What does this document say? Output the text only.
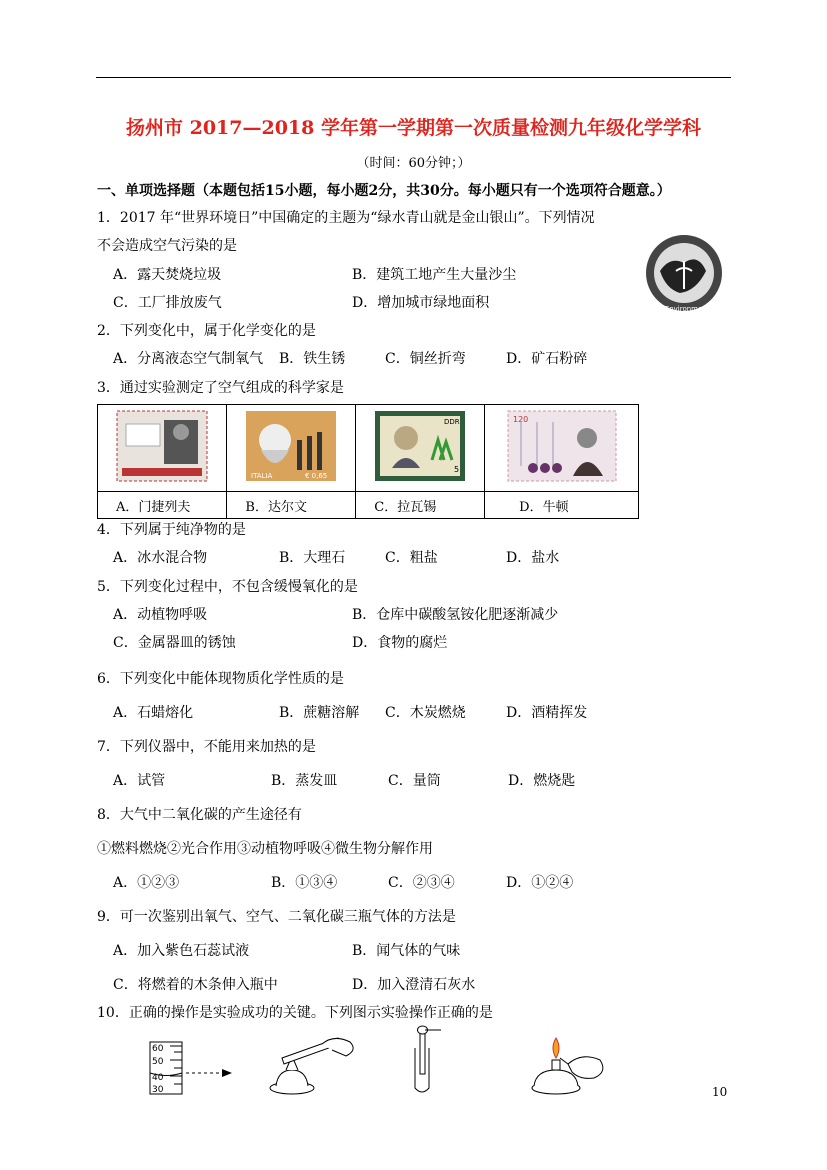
扬州市 2017—2018 学年第一学期第一次质量检测九年级化学学科
（时间：60分钟；）
一、单项选择题（本题包括15小题，每小题2分，共30分。每小题只有一个选项符合题意。）
1．2017 年“世界环境日”中国确定的主题为“绿水青山就是金山银山”。下列情况
不会造成空气污染的是
A．露天焚烧垃圾	B．建筑工地产生大量沙尘
C．工厂排放废气	D．增加城市绿地面积	World Environment Day
2．下列变化中，属于化学变化的是
A．分离液态空气制氧气 B．铁生锈	C．铜丝折弯	D．矿石粉碎
3．通过实验测定了空气组成的科学家是

ITALIA € 0,65	DDR
5	120

A．门捷列夫	B．达尔文	C．拉瓦锡	D．牛顿
4．下列属于纯净物的是
A．冰水混合物	B．大理石	C．粗盐	D．盐水
5．下列变化过程中，不包含缓慢氧化的是
A．动植物呼吸	B．仓库中碳酸氢铵化肥逐渐减少
C．金属器皿的锈蚀	D．食物的腐烂
6．下列变化中能体现物质化学性质的是
A．石蜡熔化	B．蔗糖溶解 C．木炭燃烧	D．酒精挥发
7．下列仪器中，不能用来加热的是
A．试管	B．蒸发皿	C．量筒	D．燃烧匙
8．大气中二氧化碳的产生途径有
①燃料燃烧②光合作用③动植物呼吸④微生物分解作用
A．①②③	B．①③④	C．②③④	D．①②④
9．可一次鉴别出氧气、空气、二氧化碳三瓶气体的方法是
A．加入紫色石蕊试液	B．闻气体的气味
C．将燃着的木条伸入瓶中	D．加入澄清石灰水
10．正确的操作是实验成功的关键。下列图示实验操作正确的是
60
50
40
30	10
